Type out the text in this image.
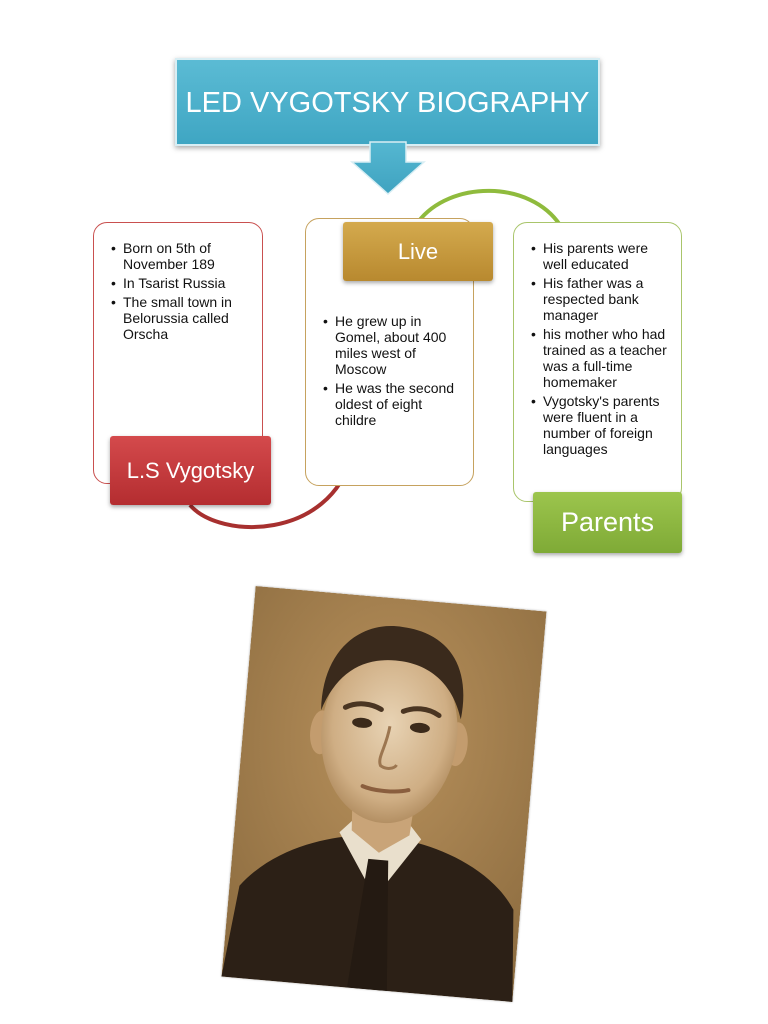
LED VYGOTSKY BIOGRAPHY
• Born on 5th of November 189
• In Tsarist Russia
• The small town in Belorussia called Orscha
• He grew up in Gomel, about 400 miles west of Moscow
• He was the second oldest of eight childre
• His parents were well educated
• His father was a respected bank manager
• his mother who had trained as a teacher was a full-time homemaker
• Vygotsky's parents were fluent in a number of foreign languages
L.S Vygotsky
Live
Parents
